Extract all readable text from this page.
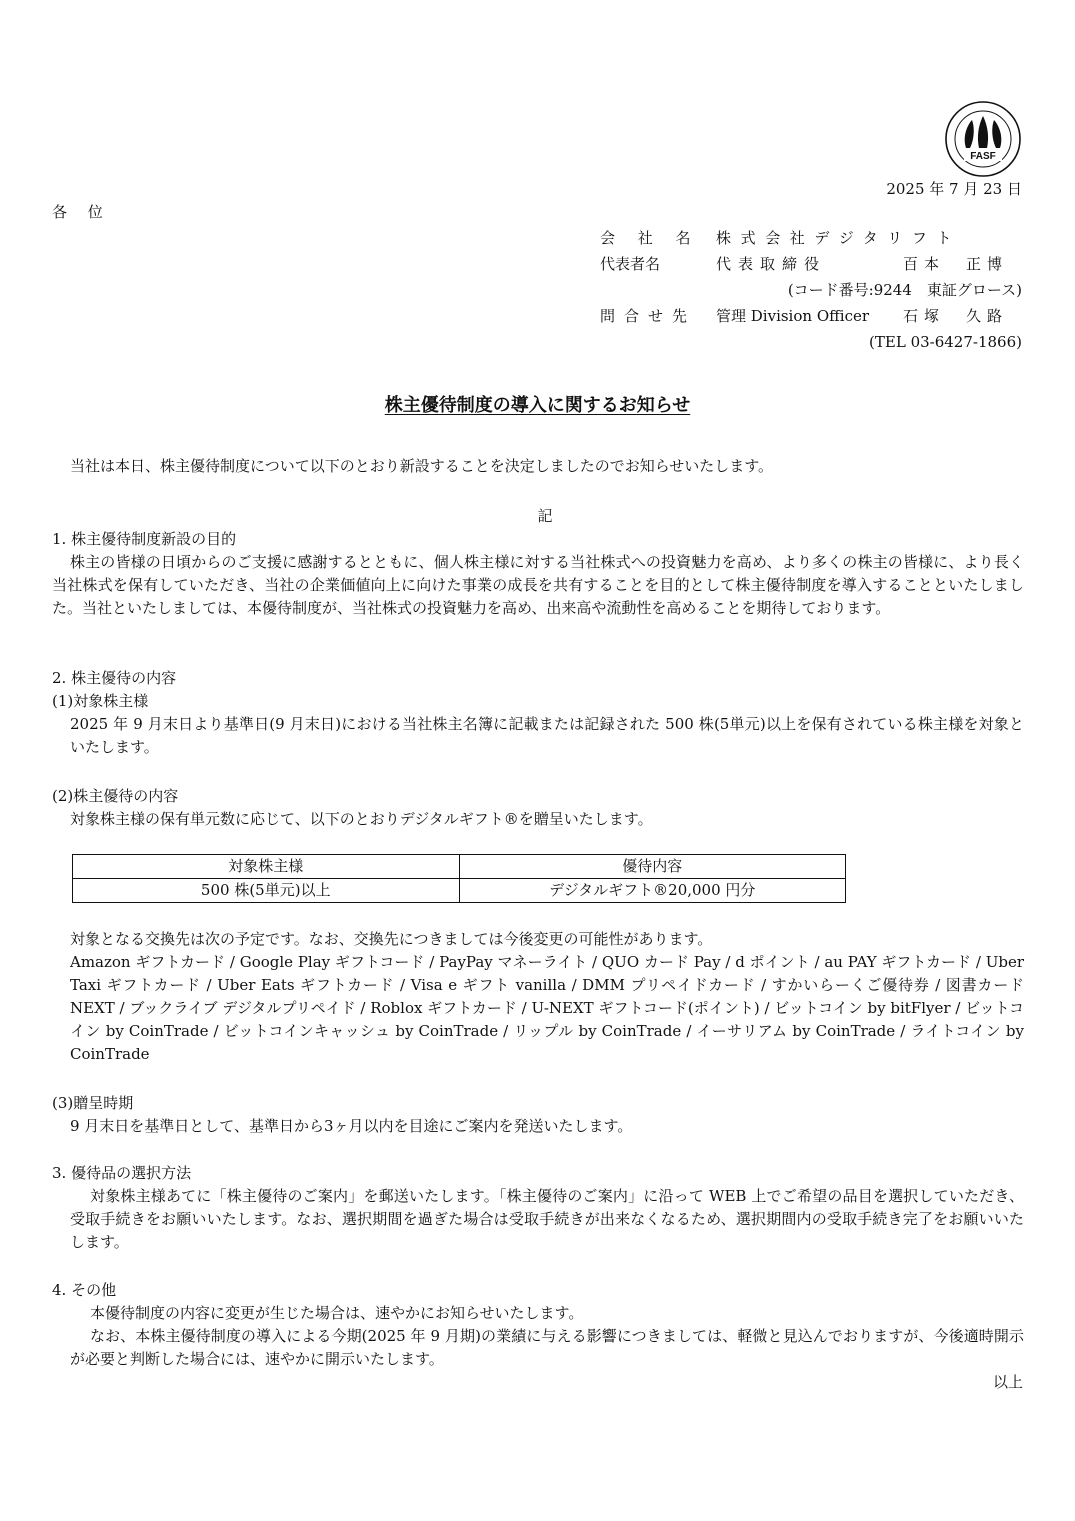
FASF
2025 年 7 月 23 日
各 位
会 社 名	株式会社デジタリフト
代表者名	代表取締役	百本　正博
(コード番号:9244　東証グロース)
問合せ先	管理 Division Officer 石塚　久路
(TEL 03-6427-1866)
株主優待制度の導入に関するお知らせ
当社は本日、株主優待制度について以下のとおり新設することを決定しましたのでお知らせいたします。
記

1. 株主優待制度新設の目的

株主の皆様の日頃からのご支援に感謝するとともに、個人株主様に対する当社株式への投資魅力を高め、より多くの株主の皆様に、より長く当社株式を保有していただき、当社の企業価値向上に向けた事業の成長を共有することを目的として株主優待制度を導入することといたしました。当社といたしましては、本優待制度が、当社株式の投資魅力を高め、出来高や流動性を高めることを期待しております。

2. 株主優待の内容

(1)対象株主様

2025 年 9 月末日より基準日(9 月末日)における当社株主名簿に記載または記録された 500 株(5単元)以上を保有されている株主様を対象といたします。

(2)株主優待の内容

対象株主様の保有単元数に応じて、以下のとおりデジタルギフト®を贈呈いたします。

対象株主様	優待内容
500 株(5単元)以上	デジタルギフト®20,000 円分

対象となる交換先は次の予定です。なお、交換先につきましては今後変更の可能性があります。

Amazon ギフトカード / Google Play ギフトコード / PayPay マネーライト / QUO カード Pay / d ポイント / au PAY ギフトカード / Uber Taxi ギフトカード / Uber Eats ギフトカード / Visa e ギフト vanilla / DMM プリペイドカード / すかいらーくご優待券 / 図書カード NEXT / ブックライブ デジタルプリペイド / Roblox ギフトカード / U-NEXT ギフトコード(ポイント) / ビットコイン by bitFlyer / ビットコイン by CoinTrade / ビットコインキャッシュ by CoinTrade / リップル by CoinTrade / イーサリアム by CoinTrade / ライトコイン by CoinTrade

(3)贈呈時期

9 月末日を基準日として、基準日から3ヶ月以内を目途にご案内を発送いたします。

3. 優待品の選択方法

対象株主様あてに「株主優待のご案内」を郵送いたします。「株主優待のご案内」に沿って WEB 上でご希望の品目を選択していただき、受取手続きをお願いいたします。なお、選択期間を過ぎた場合は受取手続きが出来なくなるため、選択期間内の受取手続き完了をお願いいたします。

4. その他

本優待制度の内容に変更が生じた場合は、速やかにお知らせいたします。

なお、本株主優待制度の導入による今期(2025 年 9 月期)の業績に与える影響につきましては、軽微と見込んでおりますが、今後適時開示が必要と判断した場合には、速やかに開示いたします。

以上
